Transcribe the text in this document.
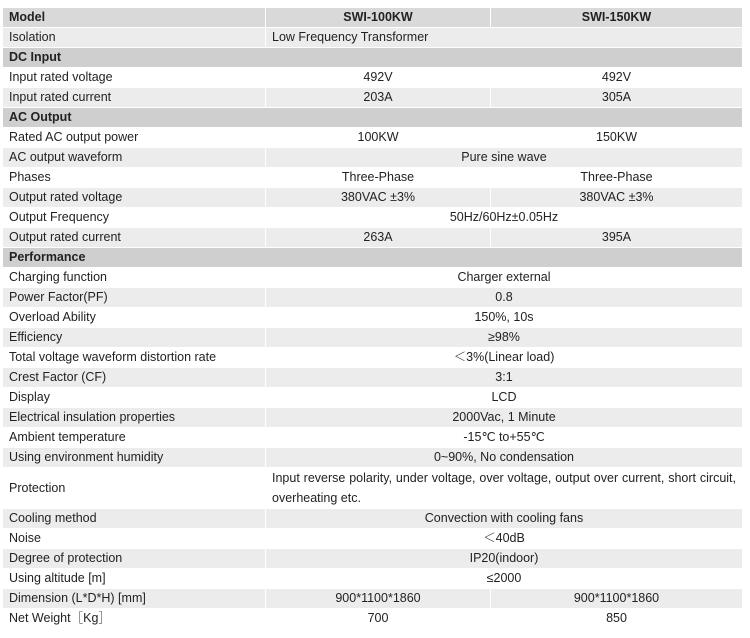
Model	SWI-100KW	SWI-150KW
Isolation	Low Frequency Transformer	
DC Input		
Input rated voltage	492V	492V
Input rated current	203A	305A
AC Output		
Rated AC output power	100KW	150KW
AC output waveform	Pure sine wave	
Phases	Three-Phase	Three-Phase
Output rated voltage	380VAC ±3%	380VAC ±3%
Output Frequency	50Hz/60Hz±0.05Hz	
Output rated current	263A	395A
Performance		
Charging function	Charger external	
Power Factor(PF)	0.8	
Overload Ability	150%, 10s	
Efficiency	≥98%	
Total voltage waveform distortion rate	＜3%(Linear load)	
Crest Factor (CF)	3:1	
Display	LCD	
Electrical insulation properties	2000Vac, 1 Minute	
Ambient temperature	-15℃ to+55℃	
Using environment humidity	0~90%, No condensation	
Protection	Input reverse polarity, under voltage, over voltage, output over current, short circuit, overheating etc.	
Cooling method	Convection with cooling fans	
Noise	＜40dB	
Degree of protection	IP20(indoor)	
Using altitude [m]	≤2000	
Dimension (L*D*H) [mm]	900*1100*1860	900*1100*1860
Net Weight［Kg］	700	850
